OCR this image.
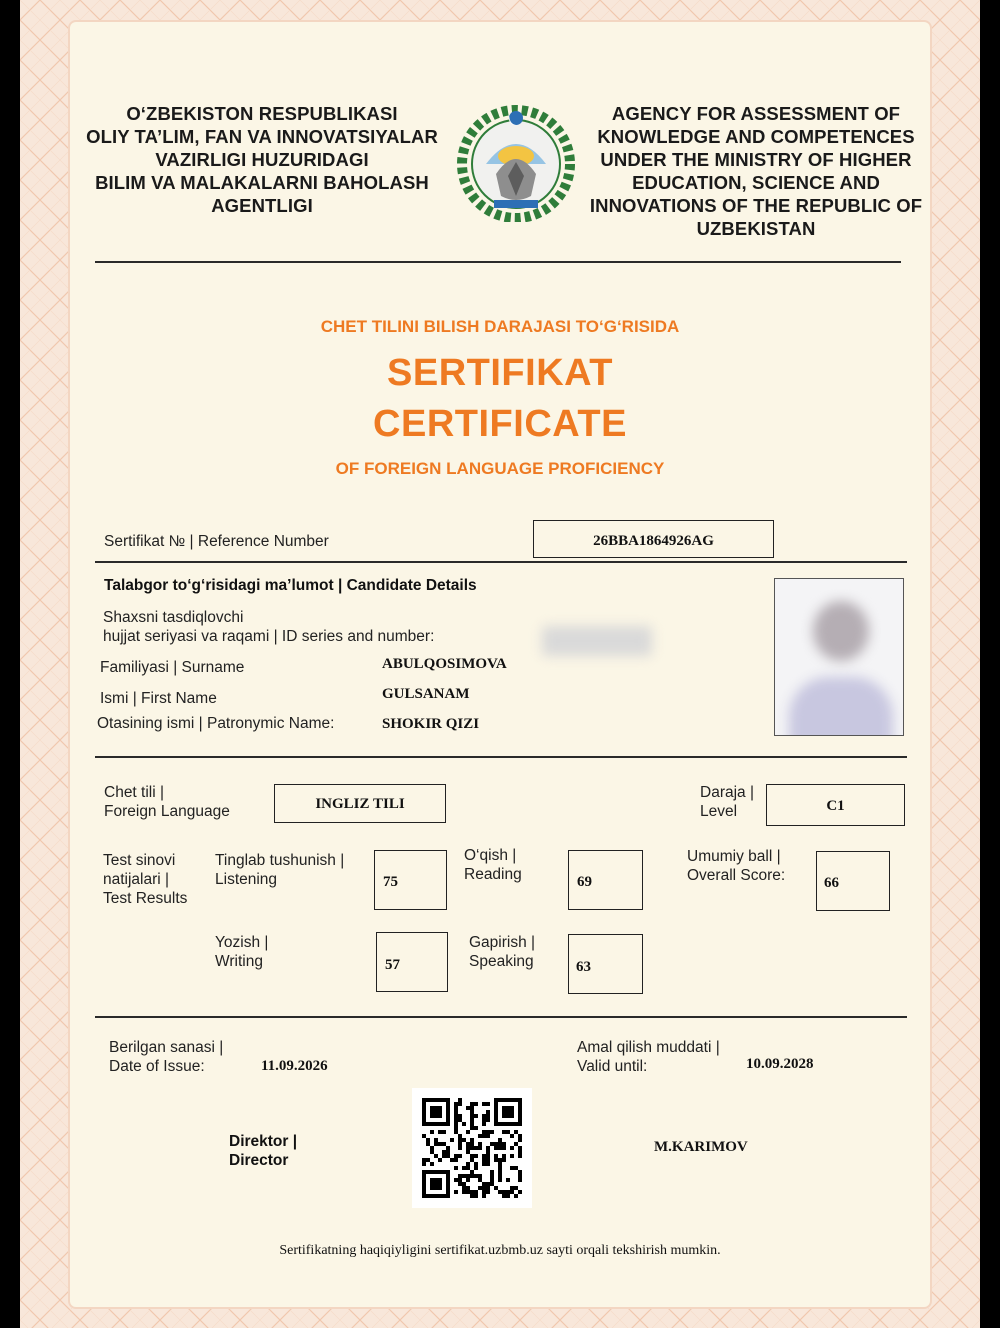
O‘ZBEKISTON RESPUBLIKASI
OLIY TA’LIM, FAN VA INNOVATSIYALAR
VAZIRLIGI HUZURIDAGI
BILIM VA MALAKALARNI BAHOLASH
AGENTLIGI
AGENCY FOR ASSESSMENT OF
KNOWLEDGE AND COMPETENCES
UNDER THE MINISTRY OF HIGHER
EDUCATION, SCIENCE AND
INNOVATIONS OF THE REPUBLIC OF
UZBEKISTAN
CHET TILINI BILISH DARAJASI TO‘G‘RISIDA
SERTIFIKAT
CERTIFICATE
OF FOREIGN LANGUAGE PROFICIENCY
Sertifikat № | Reference Number	26BBA1864926AG
Talabgor to‘g‘risidagi ma’lumot | Candidate Details
Shaxsni tasdiqlovchi
hujjat seriyasi va raqami | ID series and number:
Familiyasi | Surname	ABULQOSIMOVA
Ismi | First Name	GULSANAM
Otasining ismi | Patronymic Name:	SHOKIR QIZI
Chet tili |
Foreign Language	INGLIZ TILI
Daraja |
Level	C1
Test sinovi
natijalari |
Test Results
Tinglab tushunish |
Listening	75
O‘qish |
Reading	69
Umumiy ball |
Overall Score:	66
Yozish |
Writing	57
Gapirish |
Speaking	63
Berilgan sanasi |
Date of Issue:	11.09.2026
Amal qilish muddati |
Valid until:	10.09.2028
Direktor |
Director
M.KARIMOV
Sertifikatning haqiqiyligini sertifikat.uzbmb.uz sayti orqali tekshirish mumkin.
